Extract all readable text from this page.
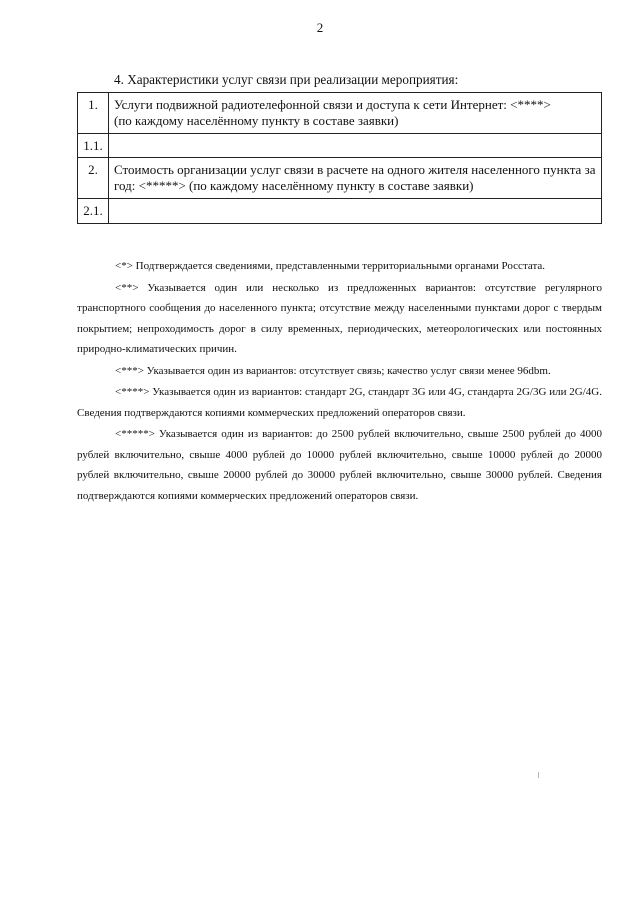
2
4. Характеристики услуг связи при реализации мероприятия:
1.	Услуги подвижной радиотелефонной связи и доступа к сети Интернет: <****>
(по каждому населённому пункту в составе заявки)

1.1.	
2.	Стоимость организации услуг связи в расчете на одного жителя населенного пункта за год: <*****> (по каждому населённому пункту в составе заявки)
2.1.	

<*> Подтверждается сведениями, представленными территориальными органами Росстата.

<**> Указывается один или несколько из предложенных вариантов: отсутствие регулярного транспортного сообщения до населенного пункта; отсутствие между населенными пунктами дорог с твердым покрытием; непроходимость дорог в силу временных, периодических, метеорологических или постоянных природно-климатических причин.

<***> Указывается один из вариантов: отсутствует связь; качество услуг связи менее 96dbm.

<****> Указывается один из вариантов: стандарт 2G, стандарт 3G или 4G, стандарта 2G/3G или 2G/4G. Сведения подтверждаются копиями коммерческих предложений операторов связи.

<*****> Указывается один из вариантов: до 2500 рублей включительно, свыше 2500 рублей до 4000 рублей включительно, свыше 4000 рублей до 10000 рублей включительно, свыше 10000 рублей до 20000 рублей включительно, свыше 20000 рублей до 30000 рублей включительно, свыше 30000 рублей. Сведения подтверждаются копиями коммерческих предложений операторов связи.
